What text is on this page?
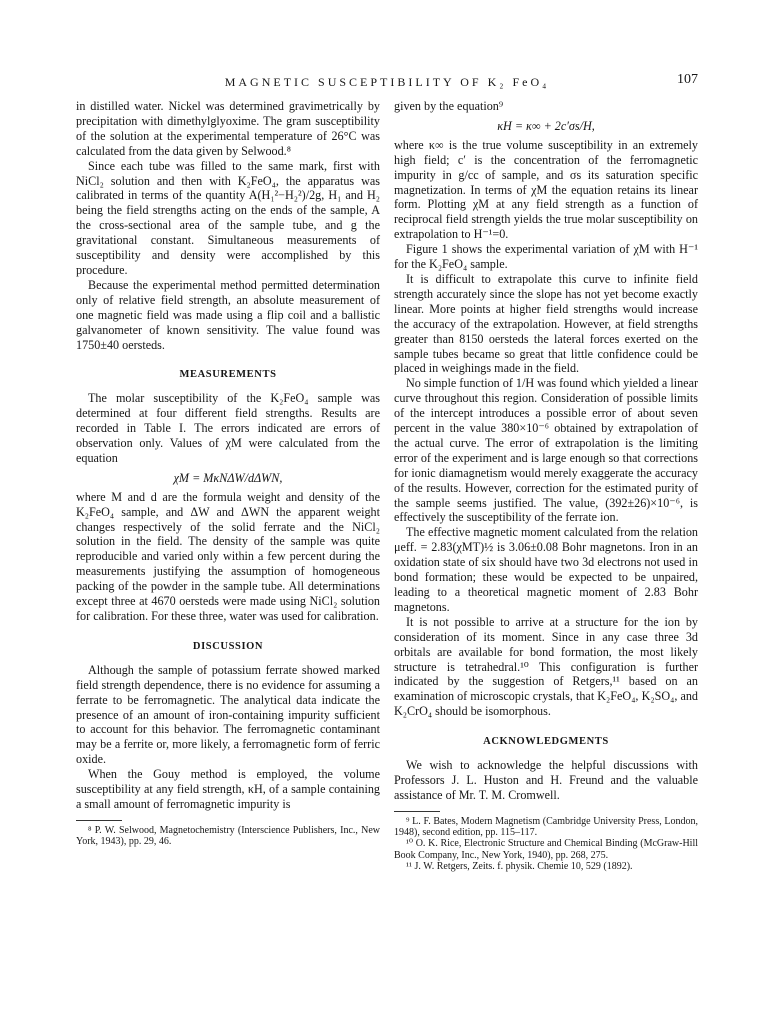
MAGNETIC SUSCEPTIBILITY OF K₂ FeO₄	107

in distilled water. Nickel was determined gravimetrically by precipitation with dimethylglyoxime. The gram susceptibility of the solution at the experimental temperature of 26°C was calculated from the data given by Selwood.⁸

Since each tube was filled to the same mark, first with NiCl₂ solution and then with K₂FeO₄, the apparatus was calibrated in terms of the quantity A(H₁²−H₂²)/2g, H₁ and H₂ being the field strengths acting on the ends of the sample, A the cross-sectional area of the sample tube, and g the gravitational constant. Simultaneous measurements of susceptibility and density were accomplished by this procedure.

Because the experimental method permitted determination only of relative field strength, an absolute measurement of one magnetic field was made using a flip coil and a ballistic galvanometer of known sensitivity. The value found was 1750±40 oersteds.

MEASUREMENTS

The molar susceptibility of the K₂FeO₄ sample was determined at four different field strengths. Results are recorded in Table I. The errors indicated are errors of observation only. Values of χM were calculated from the equation

χM = MκNΔW/dΔWN,

where M and d are the formula weight and density of the K₂FeO₄ sample, and ΔW and ΔWN the apparent weight changes respectively of the solid ferrate and the NiCl₂ solution in the field. The density of the sample was quite reproducible and varied only within a few percent during the measurements justifying the assumption of homogeneous packing of the powder in the sample tube. All determinations except three at 4670 oersteds were made using NiCl₂ solution for calibration. For these three, water was used for calibration.

DISCUSSION

Although the sample of potassium ferrate showed marked field strength dependence, there is no evidence for assuming a ferrate to be ferromagnetic. The analytical data indicate the presence of an amount of iron-containing impurity sufficient to account for this behavior. The ferromagnetic contaminant may be a ferrite or, more likely, a ferromagnetic form of ferric oxide.

When the Gouy method is employed, the volume susceptibility at any field strength, κH, of a sample containing a small amount of ferromagnetic impurity is

⁸ P. W. Selwood, Magnetochemistry (Interscience Publishers, Inc., New York, 1943), pp. 29, 46.

given by the equation⁹

κH = κ∞ + 2c′σs/H,

where κ∞ is the true volume susceptibility in an extremely high field; c′ is the concentration of the ferromagnetic impurity in g/cc of sample, and σs its saturation specific magnetization. In terms of χM the equation retains its linear form. Plotting χM at any field strength as a function of reciprocal field strength yields the true molar susceptibility on extrapolation to H⁻¹=0.

Figure 1 shows the experimental variation of χM with H⁻¹ for the K₂FeO₄ sample.

It is difficult to extrapolate this curve to infinite field strength accurately since the slope has not yet become exactly linear. More points at higher field strengths would increase the accuracy of the extrapolation. However, at field strengths greater than 8150 oersteds the lateral forces exerted on the sample tubes became so great that little confidence could be placed in weighings made in the field.

No simple function of 1/H was found which yielded a linear curve throughout this region. Consideration of possible limits of the intercept introduces a possible error of about seven percent in the value 380×10⁻⁶ obtained by extrapolation of the actual curve. The error of extrapolation is the limiting error of the experiment and is large enough so that corrections for ionic diamagnetism would merely exaggerate the accuracy of the results. However, correction for the estimated purity of the sample seems justified. The value, (392±26)×10⁻⁶, is effectively the susceptibility of the ferrate ion.

The effective magnetic moment calculated from the relation μeff. = 2.83(χMT)½ is 3.06±0.08 Bohr magnetons. Iron in an oxidation state of six should have two 3d electrons not used in bond formation; these would be expected to be unpaired, leading to a theoretical magnetic moment of 2.83 Bohr magnetons.

It is not possible to arrive at a structure for the ion by consideration of its moment. Since in any case three 3d orbitals are available for bond formation, the most likely structure is tetrahedral.¹⁰ This configuration is further indicated by the suggestion of Retgers,¹¹ based on an examination of microscopic crystals, that K₂FeO₄, K₂SO₄, and K₂CrO₄ should be isomorphous.

ACKNOWLEDGMENTS

We wish to acknowledge the helpful discussions with Professors J. L. Huston and H. Freund and the valuable assistance of Mr. T. M. Cromwell.

⁹ L. F. Bates, Modern Magnetism (Cambridge University Press, London, 1948), second edition, pp. 115–117.

¹⁰ O. K. Rice, Electronic Structure and Chemical Binding (McGraw-Hill Book Company, Inc., New York, 1940), pp. 268, 275.

¹¹ J. W. Retgers, Zeits. f. physik. Chemie 10, 529 (1892).
